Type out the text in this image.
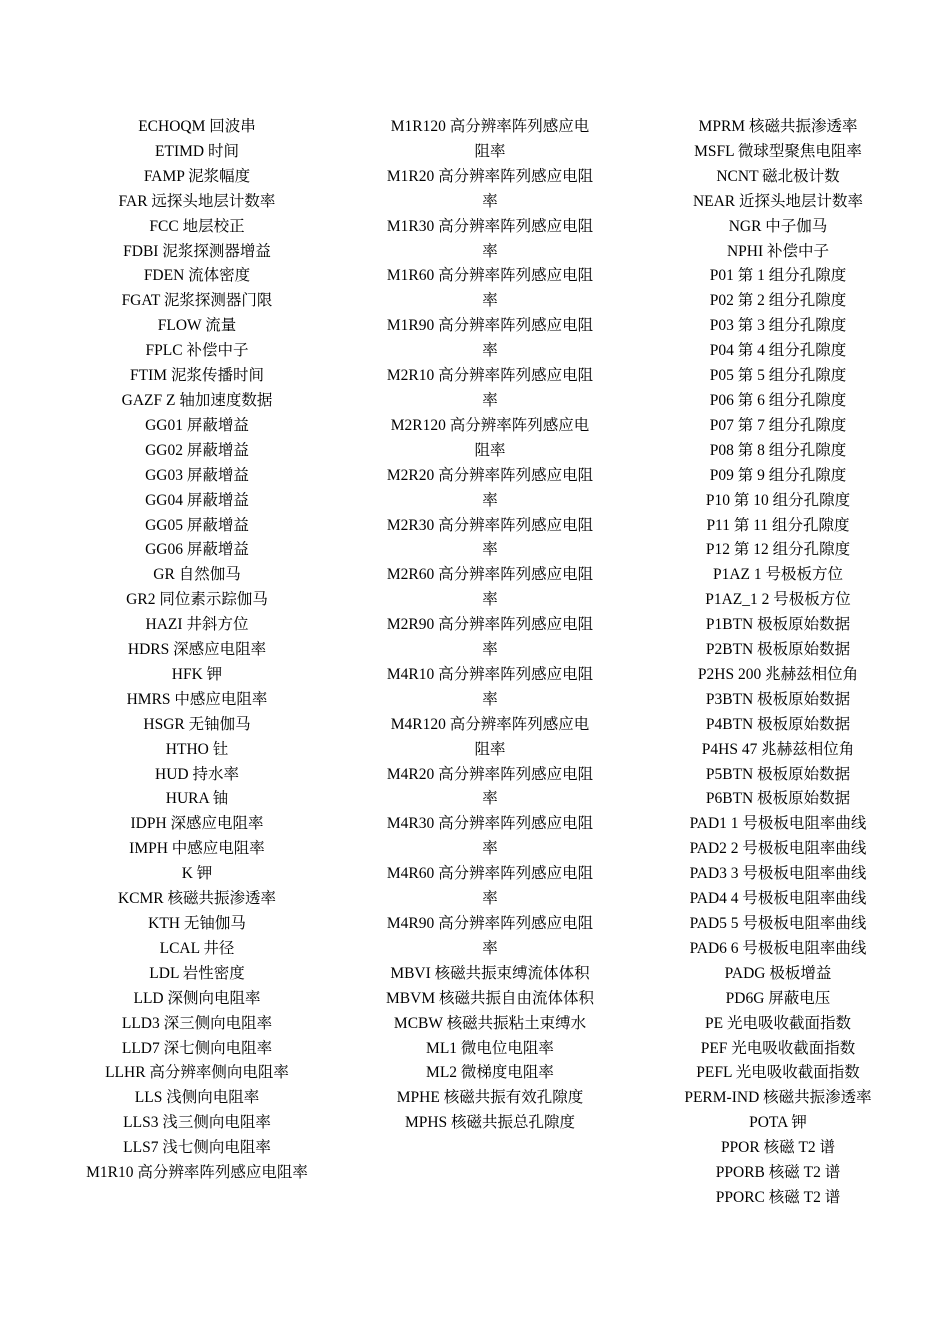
ECHOQM 回波串
ETIMD 时间
FAMP 泥浆幅度
FAR 远探头地层计数率
FCC 地层校正
FDBI 泥浆探测器增益
FDEN 流体密度
FGAT 泥浆探测器门限
FLOW 流量
FPLC 补偿中子
FTIM 泥浆传播时间
GAZF Z 轴加速度数据
GG01 屏蔽增益
GG02 屏蔽增益
GG03 屏蔽增益
GG04 屏蔽增益
GG05 屏蔽增益
GG06 屏蔽增益
GR 自然伽马
GR2 同位素示踪伽马
HAZI 井斜方位
HDRS 深感应电阻率
HFK 钾
HMRS 中感应电阻率
HSGR 无铀伽马
HTHO 钍
HUD 持水率
HURA 铀
IDPH 深感应电阻率
IMPH 中感应电阻率
K 钾
KCMR 核磁共振渗透率
KTH 无铀伽马
LCAL 井径
LDL 岩性密度
LLD 深侧向电阻率
LLD3 深三侧向电阻率
LLD7 深七侧向电阻率
LLHR 高分辨率侧向电阻率
LLS 浅侧向电阻率
LLS3 浅三侧向电阻率
LLS7 浅七侧向电阻率
M1R10 高分辨率阵列感应电阻率
M1R120 高分辨率阵列感应电阻率
M1R20 高分辨率阵列感应电阻率
M1R30 高分辨率阵列感应电阻率
M1R60 高分辨率阵列感应电阻率
M1R90 高分辨率阵列感应电阻率
M2R10 高分辨率阵列感应电阻率
M2R120 高分辨率阵列感应电阻率
M2R20 高分辨率阵列感应电阻率
M2R30 高分辨率阵列感应电阻率
M2R60 高分辨率阵列感应电阻率
M2R90 高分辨率阵列感应电阻率
M4R10 高分辨率阵列感应电阻率
M4R120 高分辨率阵列感应电阻率
M4R20 高分辨率阵列感应电阻率
M4R30 高分辨率阵列感应电阻率
M4R60 高分辨率阵列感应电阻率
M4R90 高分辨率阵列感应电阻率
MBVI 核磁共振束缚流体体积
MBVM 核磁共振自由流体体积
MCBW 核磁共振粘土束缚水
ML1 微电位电阻率
ML2 微梯度电阻率
MPHE 核磁共振有效孔隙度
MPHS 核磁共振总孔隙度
MPRM 核磁共振渗透率
MSFL 微球型聚焦电阻率
NCNT 磁北极计数
NEAR 近探头地层计数率
NGR 中子伽马
NPHI 补偿中子
P01 第 1 组分孔隙度
P02 第 2 组分孔隙度
P03 第 3 组分孔隙度
P04 第 4 组分孔隙度
P05 第 5 组分孔隙度
P06 第 6 组分孔隙度
P07 第 7 组分孔隙度
P08 第 8 组分孔隙度
P09 第 9 组分孔隙度
P10 第 10 组分孔隙度
P11 第 11 组分孔隙度
P12 第 12 组分孔隙度
P1AZ 1 号极板方位
P1AZ_1 2 号极板方位
P1BTN 极板原始数据
P2BTN 极板原始数据
P2HS 200 兆赫兹相位角
P3BTN 极板原始数据
P4BTN 极板原始数据
P4HS 47 兆赫兹相位角
P5BTN 极板原始数据
P6BTN 极板原始数据
PAD1 1 号极板电阻率曲线
PAD2 2 号极板电阻率曲线
PAD3 3 号极板电阻率曲线
PAD4 4 号极板电阻率曲线
PAD5 5 号极板电阻率曲线
PAD6 6 号极板电阻率曲线
PADG 极板增益
PD6G 屏蔽电压
PE 光电吸收截面指数
PEF 光电吸收截面指数
PEFL 光电吸收截面指数
PERM-IND 核磁共振渗透率
POTA 钾
PPOR 核磁 T2 谱
PPORB 核磁 T2 谱
PPORC 核磁 T2 谱
